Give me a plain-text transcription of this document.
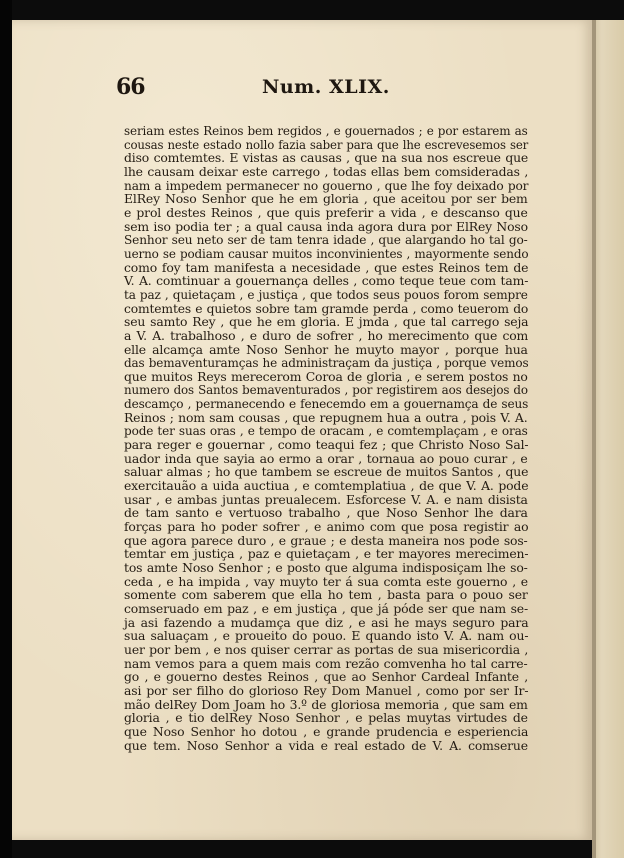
66	Num. XLIX.
seriam estes Reinos bem regidos , e gouernados ; e por estarem as
cousas neste estado nollo fazia saber para que lhe escrevesemos ser
diso comtemtes. E vistas as causas , que na sua nos escreue que
lhe causam deixar este carrego , todas ellas bem comsideradas ,
nam a impedem permanecer no gouerno , que lhe foy deixado por
ElRey Noso Senhor que he em gloria , que aceitou por ser bem
e prol destes Reinos , que quis preferir a vida , e descanso que
sem iso podia ter ; a qual causa inda agora dura por ElRey Noso
Senhor seu neto ser de tam tenra idade , que alargando ho tal go-
uerno se podiam causar muitos inconvinientes , mayormente sendo
como foy tam manifesta a necesidade , que estes Reinos tem de
V. A. comtinuar a gouernança delles , como teque teue com tam-
ta paz , quietaçam , e justiça , que todos seus pouos forom sempre
comtemtes e quietos sobre tam gramde perda , como teuerom do
seu samto Rey , que he em gloria. E jmda , que tal carrego seja
a V. A. trabalhoso , e duro de sofrer , ho merecimento que com
elle alcamça amte Noso Senhor he muyto mayor , porque hua
das bemaventuramças he administraçam da justiça , porque vemos
que muitos Reys merecerom Coroa de gloria , e serem postos no
numero dos Santos bemaventurados , por registirem aos desejos do
descamço , permanecendo e fenecemdo em a gouernamça de seus
Reinos ; nom sam cousas , que repugnem hua a outra , pois V. A.
pode ter suas oras , e tempo de oracam , e comtemplaçam , e oras
para reger e gouernar , como teaqui fez ; que Christo Noso Sal-
uador inda que sayia ao ermo a orar , tornaua ao pouo curar , e
saluar almas ; ho que tambem se escreue de muitos Santos , que
exercitauão a uida auctiua , e comtemplatiua , de que V. A. pode
usar , e ambas juntas preualecem. Esforcese V. A. e nam disista
de tam santo e vertuoso trabalho , que Noso Senhor lhe dara
forças para ho poder sofrer , e animo com que posa registir ao
que agora parece duro , e graue ; e desta maneira nos pode sos-
temtar em justiça , paz e quietaçam , e ter mayores merecimen-
tos amte Noso Senhor ; e posto que alguma indisposiçam lhe so-
ceda , e ha impida , vay muyto ter á sua comta este gouerno , e
somente com saberem que ella ho tem , basta para o pouo ser
comseruado em paz , e em justiça , que já póde ser que nam se-
ja asi fazendo a mudamça que diz , e asi he mays seguro para
sua saluaçam , e proueito do pouo. E quando isto V. A. nam ou-
uer por bem , e nos quiser cerrar as portas de sua misericordia ,
nam vemos para a quem mais com rezão comvenha ho tal carre-
go , e gouerno destes Reinos , que ao Senhor Cardeal Infante ,
asi por ser filho do glorioso Rey Dom Manuel , como por ser Ir-
mão delRey Dom Joam ho 3.º de gloriosa memoria , que sam em
gloria , e tio delRey Noso Senhor , e pelas muytas virtudes de
que Noso Senhor ho dotou , e grande prudencia e esperiencia
que tem. Noso Senhor a vida e real estado de V. A. comserue
